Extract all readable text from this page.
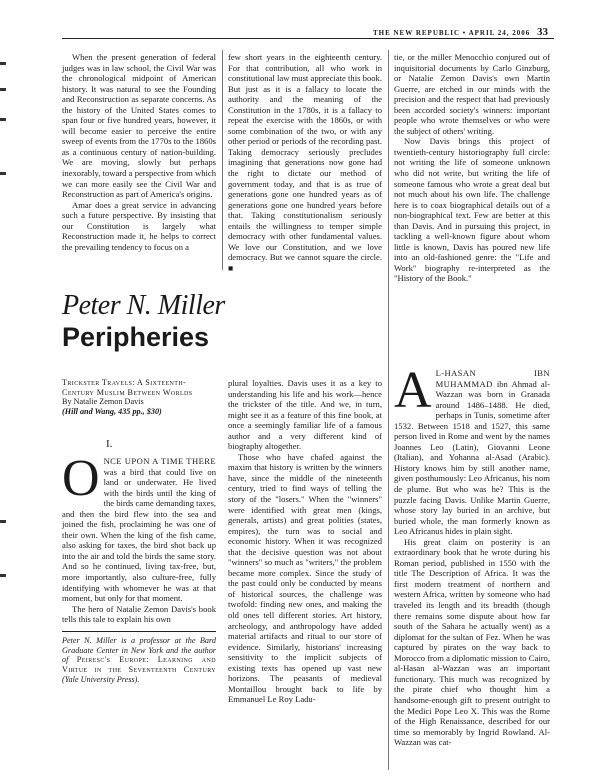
THE NEW REPUBLIC • APRIL 24, 2006 33

When the present generation of federal judges was in law school, the Civil War was the chronological midpoint of American history. It was natural to see the Founding and Reconstruction as separate concerns. As the history of the United States comes to span four or five hundred years, however, it will become easier to perceive the entire sweep of events from the 1770s to the 1860s as a continuous century of nation-building. We are moving, slowly but perhaps inexorably, toward a perspective from which we can more easily see the Civil War and Reconstruction as part of America's origins.

Amar does a great service in advancing such a future perspective. By insisting that our Constitution is largely what Reconstruction made it, he helps to correct the prevailing tendency to focus on a

few short years in the eighteenth century. For that contribution, all who work in constitutional law must appreciate this book. But just as it is a fallacy to locate the authority and the meaning of the Constitution in the 1780s, it is a fallacy to repeat the exercise with the 1860s, or with some combination of the two, or with any other period or periods of the recording past. Taking democracy seriously precludes imagining that generations now gone had the right to dictate our method of government today, and that is as true of generations gone one hundred years as of generations gone one hundred years before that. Taking constitutionalism seriously entails the willingness to temper simple democracy with other fundamental values. We love our Constitution, and we love democracy. But we cannot square the circle. ■

tie, or the miller Menocchio conjured out of inquisitorial documents by Carlo Ginzburg, or Natalie Zemon Davis's own Martin Guerre, are etched in our minds with the precision and the respect that had previously been accorded society's winners: important people who wrote themselves or who were the subject of others' writing.

Now Davis brings this project of twentieth-century historiography full circle: not writing the life of someone unknown who did not write, but writing the life of someone famous who wrote a great deal but not much about his own life. The challenge here is to coax biographical details out of a non-biographical text. Few are better at this than Davis. And in pursuing this project, in tackling a well-known figure about whom little is known, Davis has poured new life into an old-fashioned genre: the "Life and Work" biography re-interpreted as the "History of the Book."

Peter N. Miller
Peripheries
Trickster Travels: A Sixteenth-Century Muslim Between Worlds
By Natalie Zemon Davis
(Hill and Wang, 435 pp., $30)
I.

ONCE UPON A TIME THERE was a bird that could live on land or underwater. He lived with the birds until the king of the birds came demanding taxes, and then the bird flew into the sea and joined the fish, proclaiming he was one of their own. When the king of the fish came, also asking for taxes, the bird shot back up into the air and told the birds the same story. And so he continued, living tax-free, but, more importantly, also culture-free, fully identifying with whomever he was at that moment, but only for that moment.

The hero of Natalie Zemon Davis's book tells this tale to explain his own

Peter N. Miller is a professor at the Bard Graduate Center in New York and the author of Peiresc's Europe: Learning and Virtue in the Seventeenth Century (Yale University Press).

plural loyalties. Davis uses it as a key to understanding his life and his work—hence the trickster of the title. And we, in turn, might see it as a feature of this fine book, at once a seemingly familiar life of a famous author and a very different kind of biography altogether.

Those who have chafed against the maxim that history is written by the winners have, since the middle of the nineteenth century, tried to find ways of telling the story of the "losers." When the "winners" were identified with great men (kings, generals, artists) and great polities (states, empires), the turn was to social and economic history. When it was recognized that the decisive question was not about "winners" so much as "writers," the problem became more complex. Since the study of the past could only be conducted by means of historical sources, the challenge was twofold: finding new ones, and making the old ones tell different stories. Art history, archeology, and anthropology have added material artifacts and ritual to our store of evidence. Similarly, historians' increasing sensitivity to the implicit subjects of existing texts has opened up vast new horizons. The peasants of medieval Montaillou brought back to life by Emmanuel Le Roy Ladu-

A L-HASAN IBN MUHAMMAD ibn Ahmad al-Wazzan was born in Granada around 1486–1488. He died, perhaps in Tunis, sometime after 1532. Between 1518 and 1527, this same person lived in Rome and went by the names Joannes Leo (Latin), Giovanni Leone (Italian), and Yohanna al-Asad (Arabic). History knows him by still another name, given posthumously: Leo Africanus, his nom de plume. But who was he? This is the puzzle facing Davis. Unlike Martin Guerre, whose story lay buried in an archive, but buried whole, the man formerly known as Leo Africanus hides in plain sight.

His great claim on posterity is an extraordinary book that he wrote during his Roman period, published in 1550 with the title The Description of Africa. It was the first modern treatment of northern and western Africa, written by someone who had traveled its length and its breadth (though there remains some dispute about how far south of the Sahara he actually went) as a diplomat for the sultan of Fez. When he was captured by pirates on the way back to Morocco from a diplomatic mission to Cairo, al-Hasan al-Wazzan was an important functionary. This much was recognized by the pirate chief who thought him a handsome-enough gift to present outright to the Medici Pope Leo X. This was the Rome of the High Renaissance, described for our time so memorably by Ingrid Rowland. Al-Wazzan was cat-
